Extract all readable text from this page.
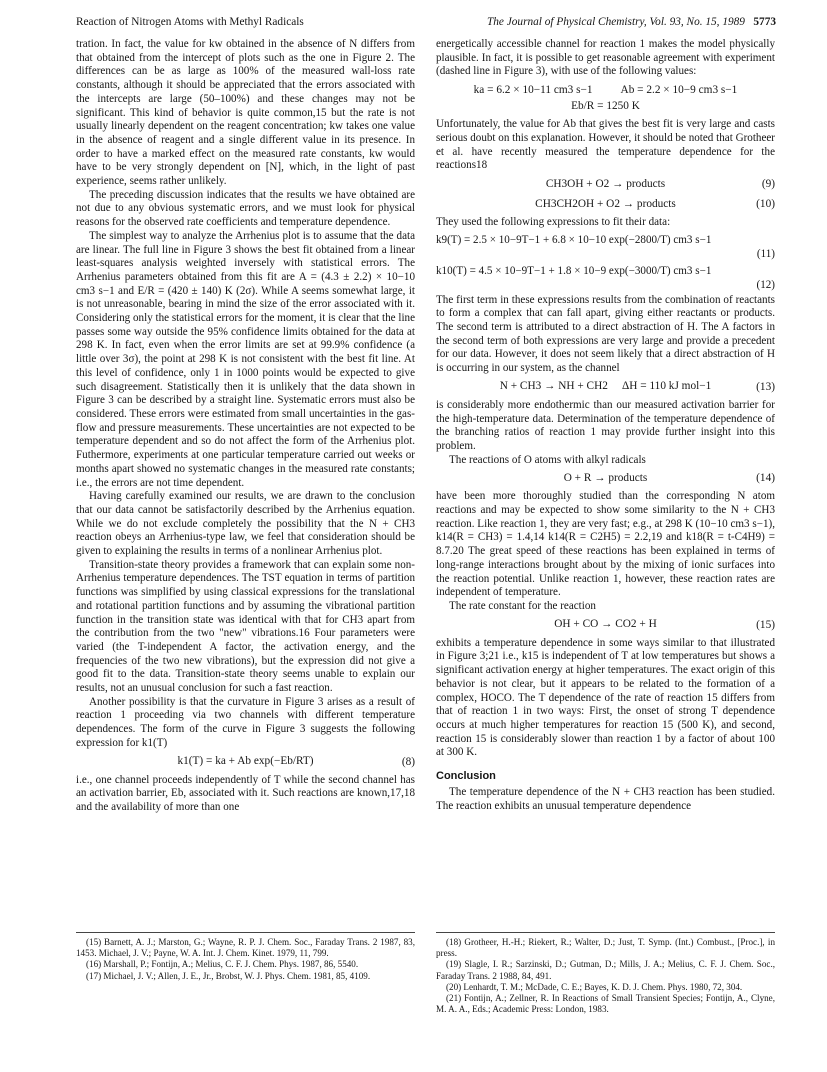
Reaction of Nitrogen Atoms with Methyl Radicals	The Journal of Physical Chemistry, Vol. 93, No. 15, 1989 5773

tration. In fact, the value for kw obtained in the absence of N differs from that obtained from the intercept of plots such as the one in Figure 2. The differences can be as large as 100% of the measured wall-loss rate constants, although it should be appreciated that the errors associated with the intercepts are large (50–100%) and these changes may not be significant. This kind of behavior is quite common,15 but the rate is not usually linearly dependent on the reagent concentration; kw takes one value in the absence of reagent and a single different value in its presence. In order to have a marked effect on the measured rate constants, kw would have to be very strongly dependent on [N], which, in the light of past experience, seems rather unlikely.

The preceding discussion indicates that the results we have obtained are not due to any obvious systematic errors, and we must look for physical reasons for the observed rate coefficients and temperature dependence.

The simplest way to analyze the Arrhenius plot is to assume that the data are linear. The full line in Figure 3 shows the best fit obtained from a linear least-squares analysis weighted inversely with statistical errors. The Arrhenius parameters obtained from this fit are A = (4.3 ± 2.2) × 10−10 cm3 s−1 and E/R = (420 ± 140) K (2σ). While A seems somewhat large, it is not unreasonable, bearing in mind the size of the error associated with it. Considering only the statistical errors for the moment, it is clear that the line passes some way outside the 95% confidence limits obtained for the data at 298 K. In fact, even when the error limits are set at 99.9% confidence (a little over 3σ), the point at 298 K is not consistent with the best fit line. At this level of confidence, only 1 in 1000 points would be expected to give such disagreement. Statistically then it is unlikely that the data shown in Figure 3 can be described by a straight line. Systematic errors must also be considered. These errors were estimated from small uncertainties in the gas-flow and pressure measurements. These uncertainties are not expected to be temperature dependent and so do not affect the form of the Arrhenius plot. Futhermore, experiments at one particular temperature carried out weeks or months apart showed no systematic changes in the measured rate constants; i.e., the errors are not time dependent.

Having carefully examined our results, we are drawn to the conclusion that our data cannot be satisfactorily described by the Arrhenius equation. While we do not exclude completely the possibility that the N + CH3 reaction obeys an Arrhenius-type law, we feel that consideration should be given to explaining the results in terms of a nonlinear Arrhenius plot.

Transition-state theory provides a framework that can explain some non-Arrhenius temperature dependences. The TST equation in terms of partition functions was simplified by using classical expressions for the translational and rotational partition functions and by assuming the vibrational partition function in the transition state was identical with that for CH3 apart from the contribution from the two "new" vibrations.16 Four parameters were varied (the T-independent A factor, the activation energy, and the frequencies of the two new vibrations), but the expression did not give a good fit to the data. Transition-state theory seems unable to explain our results, not an unusual conclusion for such a fast reaction.

Another possibility is that the curvature in Figure 3 arises as a result of reaction 1 proceeding via two channels with different temperature dependences. The form of the curve in Figure 3 suggests the following expression for k1(T)

k1(T) = ka + Ab exp(−Eb/RT)	(8)

i.e., one channel proceeds independently of T while the second channel has an activation barrier, Eb, associated with it. Such reactions are known,17,18 and the availability of more than one

energetically accessible channel for reaction 1 makes the model physically plausible. In fact, it is possible to get reasonable agreement with experiment (dashed line in Figure 3), with use of the following values:

ka = 6.2 × 10−11 cm3 s−1 Ab = 2.2 × 10−9 cm3 s−1
Eb/R = 1250 K

Unfortunately, the value for Ab that gives the best fit is very large and casts serious doubt on this explanation. However, it should be noted that Grotheer et al. have recently measured the temperature dependence for the reactions18

CH3OH + O2 → products	(9)
CH3CH2OH + O2 → products	(10)

They used the following expressions to fit their data:

k9(T) = 2.5 × 10−9T−1 + 6.8 × 10−10 exp(−2800/T) cm3 s−1
(11)
k10(T) = 4.5 × 10−9T−1 + 1.8 × 10−9 exp(−3000/T) cm3 s−1
(12)

The first term in these expressions results from the combination of reactants to form a complex that can fall apart, giving either reactants or products. The second term is attributed to a direct abstraction of H. The A factors in the second term of both expressions are very large and provide a precedent for our data. However, it does not seem likely that a direct abstraction of H is occurring in our system, as the channel

N + CH3 → NH + CH2     ΔH = 110 kJ mol−1	(13)

is considerably more endothermic than our measured activation barrier for the high-temperature data. Determination of the temperature dependence of the branching ratios of reaction 1 may provide further insight into this problem.

The reactions of O atoms with alkyl radicals

O + R → products	(14)

have been more thoroughly studied than the corresponding N atom reactions and may be expected to show some similarity to the N + CH3 reaction. Like reaction 1, they are very fast; e.g., at 298 K (10−10 cm3 s−1), k14(R = CH3) = 1.4,14 k14(R = C2H5) = 2.2,19 and k18(R = t-C4H9) = 8.7.20 The great speed of these reactions has been explained in terms of long-range interactions brought about by the mixing of ionic surfaces into the reaction potential. Unlike reaction 1, however, these reaction rates are independent of temperature.

The rate constant for the reaction

OH + CO → CO2 + H	(15)

exhibits a temperature dependence in some ways similar to that illustrated in Figure 3;21 i.e., k15 is independent of T at low temperatures but shows a significant activation energy at higher temperatures. The exact origin of this behavior is not clear, but it appears to be related to the formation of a complex, HOCO. The T dependence of the rate of reaction 15 differs from that of reaction 1 in two ways: First, the onset of strong T dependence occurs at much higher temperatures for reaction 15 (500 K), and second, reaction 15 is considerably slower than reaction 1 by a factor of about 100 at 300 K.

Conclusion

The temperature dependence of the N + CH3 reaction has been studied. The reaction exhibits an unusual temperature dependence

(15) Barnett, A. J.; Marston, G.; Wayne, R. P. J. Chem. Soc., Faraday Trans. 2 1987, 83, 1453. Michael, J. V.; Payne, W. A. Int. J. Chem. Kinet. 1979, 11, 799.

(16) Marshall, P.; Fontijn, A.; Melius, C. F. J. Chem. Phys. 1987, 86, 5540.

(17) Michael, J. V.; Allen, J. E., Jr., Brobst, W. J. Phys. Chem. 1981, 85, 4109.

(18) Grotheer, H.-H.; Riekert, R.; Walter, D.; Just, T. Symp. (Int.) Combust., [Proc.], in press.

(19) Slagle, I. R.; Sarzinski, D.; Gutman, D.; Mills, J. A.; Melius, C. F. J. Chem. Soc., Faraday Trans. 2 1988, 84, 491.

(20) Lenhardt, T. M.; McDade, C. E.; Bayes, K. D. J. Chem. Phys. 1980, 72, 304.

(21) Fontijn, A.; Zellner, R. In Reactions of Small Transient Species; Fontijn, A., Clyne, M. A. A., Eds.; Academic Press: London, 1983.
